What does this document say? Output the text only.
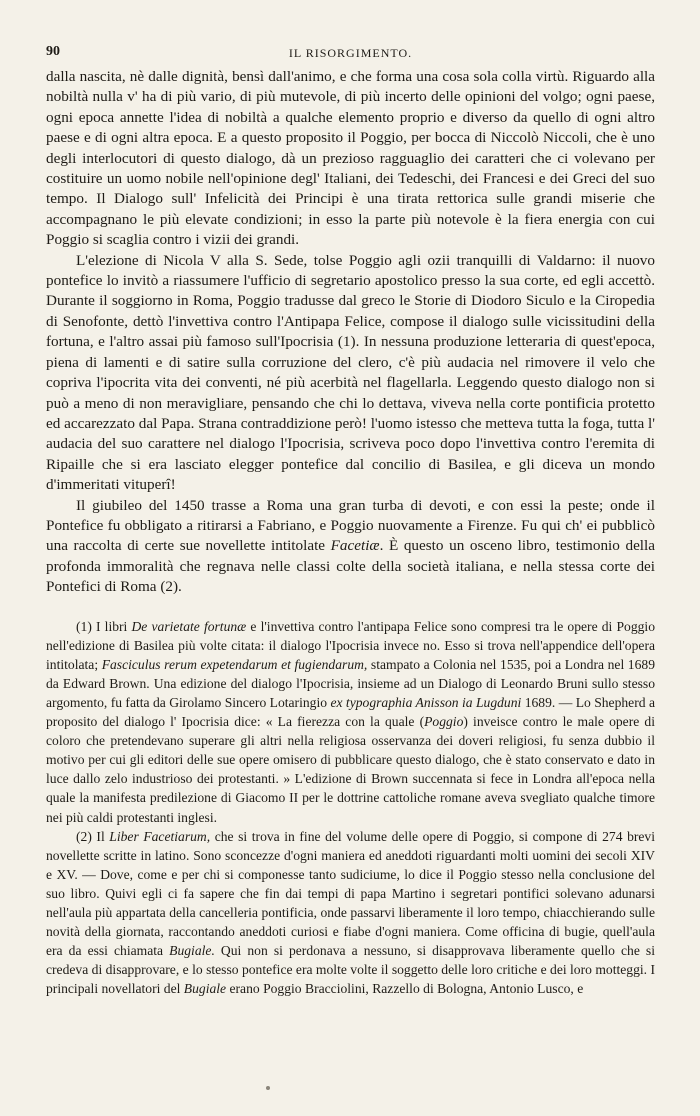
90	IL RISORGIMENTO.

dalla nascita, nè dalle dignità, bensì dall'animo, e che forma una cosa sola colla virtù. Riguardo alla nobiltà nulla v' ha di più vario, di più mutevole, di più incerto delle opinioni del volgo; ogni paese, ogni epoca annette l'idea di nobiltà a qualche elemento proprio e diverso da quello di ogni altro paese e di ogni altra epoca. E a questo proposito il Poggio, per bocca di Niccolò Niccoli, che è uno degli interlocutori di questo dialogo, dà un prezioso ragguaglio dei caratteri che ci volevano per costituire un uomo nobile nell'opinione degl' Italiani, dei Tedeschi, dei Francesi e dei Greci del suo tempo. Il Dialogo sull' Infelicità dei Principi è una tirata rettorica sulle grandi miserie che accompagnano le più elevate condizioni; in esso la parte più notevole è la fiera energia con cui Poggio si scaglia contro i vizii dei grandi.

L'elezione di Nicola V alla S. Sede, tolse Poggio agli ozii tranquilli di Valdarno: il nuovo pontefice lo invitò a riassumere l'ufficio di segretario apostolico presso la sua corte, ed egli accettò. Durante il soggiorno in Roma, Poggio tradusse dal greco le Storie di Diodoro Siculo e la Ciropedia di Senofonte, dettò l'invettiva contro l'Antipapa Felice, compose il dialogo sulle vicissitudini della fortuna, e l'altro assai più famoso sull'Ipocrisia (1). In nessuna produzione letteraria di quest'epoca, piena di lamenti e di satire sulla corruzione del clero, c'è più audacia nel rimovere il velo che copriva l'ipocrita vita dei conventi, né più acerbità nel flagellarla. Leggendo questo dialogo non si può a meno di non meravigliare, pensando che chi lo dettava, viveva nella corte pontificia protetto ed accarezzato dal Papa. Strana contraddizione però! l'uomo istesso che metteva tutta la foga, tutta l' audacia del suo carattere nel dialogo l'Ipocrisia, scriveva poco dopo l'invettiva contro l'eremita di Ripaille che si era lasciato elegger pontefice dal concilio di Basilea, e gli diceva un mondo d'immeritati vituperî!

Il giubileo del 1450 trasse a Roma una gran turba di devoti, e con essi la peste; onde il Pontefice fu obbligato a ritirarsi a Fabriano, e Poggio nuovamente a Firenze. Fu qui ch' ei pubblicò una raccolta di certe sue novellette intitolate Facetiæ. È questo un osceno libro, testimonio della profonda immoralità che regnava nelle classi colte della società italiana, e nella stessa corte dei Pontefici di Roma (2).

(1) I libri De varietate fortunæ e l'invettiva contro l'antipapa Felice sono compresi tra le opere di Poggio nell'edizione di Basilea più volte citata: il dialogo l'Ipocrisia invece no. Esso si trova nell'appendice dell'opera intitolata; Fasciculus rerum expetendarum et fugiendarum, stampato a Colonia nel 1535, poi a Londra nel 1689 da Edward Brown. Una edizione del dialogo l'Ipocrisia, insieme ad un Dialogo di Leonardo Bruni sullo stesso argomento, fu fatta da Girolamo Sincero Lotaringio ex typographia Anisson ia Lugduni 1689. — Lo Shepherd a proposito del dialogo l' Ipocrisia dice: « La fierezza con la quale (Poggio) inveisce contro le male opere di coloro che pretendevano superare gli altri nella religiosa osservanza dei doveri religiosi, fu senza dubbio il motivo per cui gli editori delle sue opere omisero di pubblicare questo dialogo, che è stato conservato e dato in luce dallo zelo industrioso dei protestanti. » L'edizione di Brown succennata si fece in Londra all'epoca nella quale la manifesta predilezione di Giacomo II per le dottrine cattoliche romane aveva svegliato qualche timore nei più caldi protestanti inglesi.

(2) Il Liber Facetiarum, che si trova in fine del volume delle opere di Poggio, si compone di 274 brevi novellette scritte in latino. Sono sconcezze d'ogni maniera ed aneddoti riguardanti molti uomini dei secoli XIV e XV. — Dove, come e per chi si componesse tanto sudiciume, lo dice il Poggio stesso nella conclusione del suo libro. Quivi egli ci fa sapere che fin dai tempi di papa Martino i segretari pontifici solevano adunarsi nell'aula più appartata della cancelleria pontificia, onde passarvi liberamente il loro tempo, chiacchierando sulle novità della giornata, raccontando aneddoti curiosi e fiabe d'ogni maniera. Come officina di bugie, quell'aula era da essi chiamata Bugiale. Qui non si perdonava a nessuno, si disapprovava liberamente quello che si credeva di disapprovare, e lo stesso pontefice era molte volte il soggetto delle loro critiche e dei loro motteggi. I principali novellatori del Bugiale erano Poggio Bracciolini, Razzello di Bologna, Antonio Lusco, e
